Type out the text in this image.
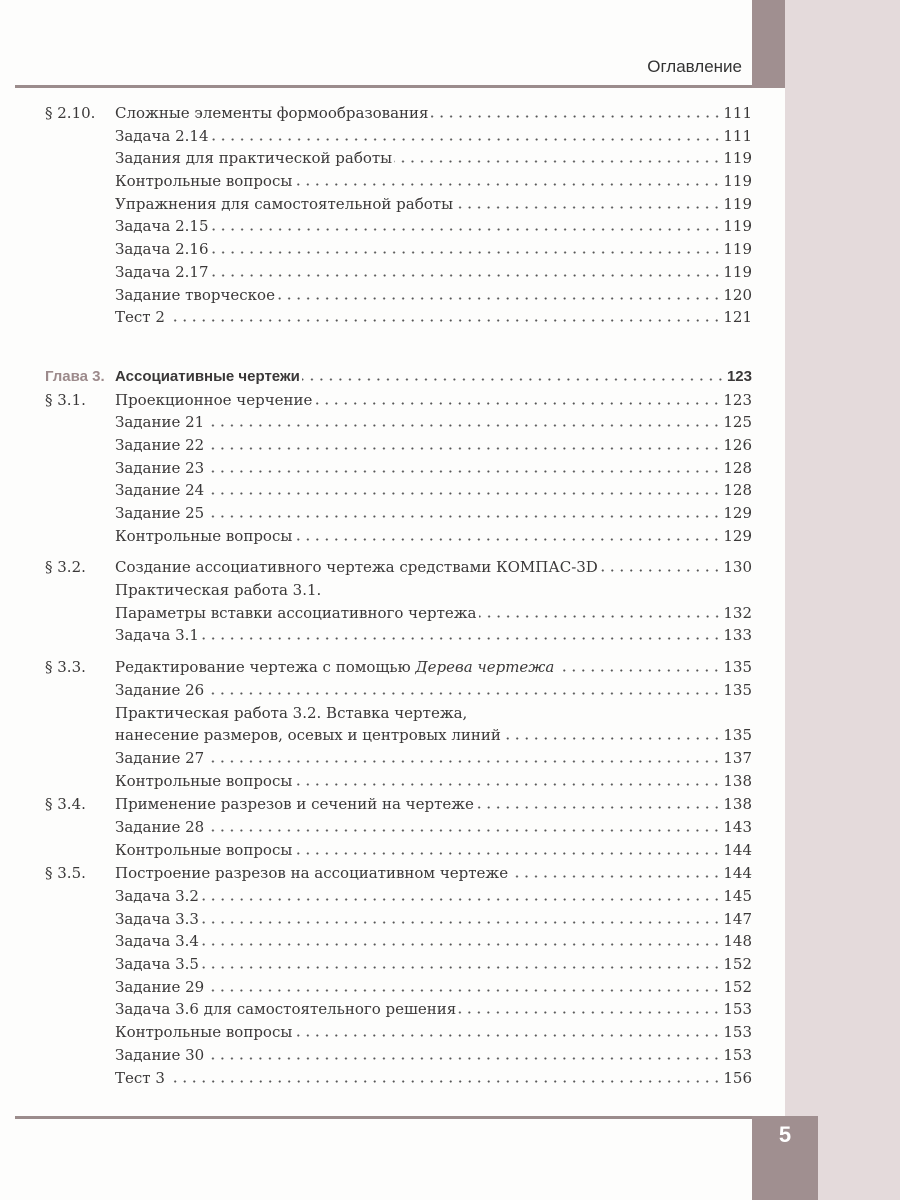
Оглавление
§ 2.10.	Сложные элементы формообразования	111
Задача 2.14	111
Задания для практической работы	119
Контрольные вопросы	119
Упражнения для самостоятельной работы	119
Задача 2.15	119
Задача 2.16	119
Задача 2.17	119
Задание творческое	120
Тест 2	121
Глава 3. Ассоциативные чертежи	123
§ 3.1.	Проекционное черчение	123
Задание 21	125
Задание 22	126
Задание 23	128
Задание 24	128
Задание 25	129
Контрольные вопросы	129
§ 3.2.	Создание ассоциативного чертежа средствами КОМПАС-3D	130
Практическая работа 3.1.
Параметры вставки ассоциативного чертежа	132
Задача 3.1	133
§ 3.3.	Редактирование чертежа с помощью Дерева чертежа	135
Задание 26	135
Практическая работа 3.2. Вставка чертежа,
нанесение размеров, осевых и центровых линий	135
Задание 27	137
Контрольные вопросы	138
§ 3.4.	Применение разрезов и сечений на чертеже	138
Задание 28	143
Контрольные вопросы	144
§ 3.5.	Построение разрезов на ассоциативном чертеже	144
Задача 3.2	145
Задача 3.3	147
Задача 3.4	148
Задача 3.5	152
Задание 29	152
Задача 3.6 для самостоятельного решения	153
Контрольные вопросы	153
Задание 30	153
Тест 3	156
5
